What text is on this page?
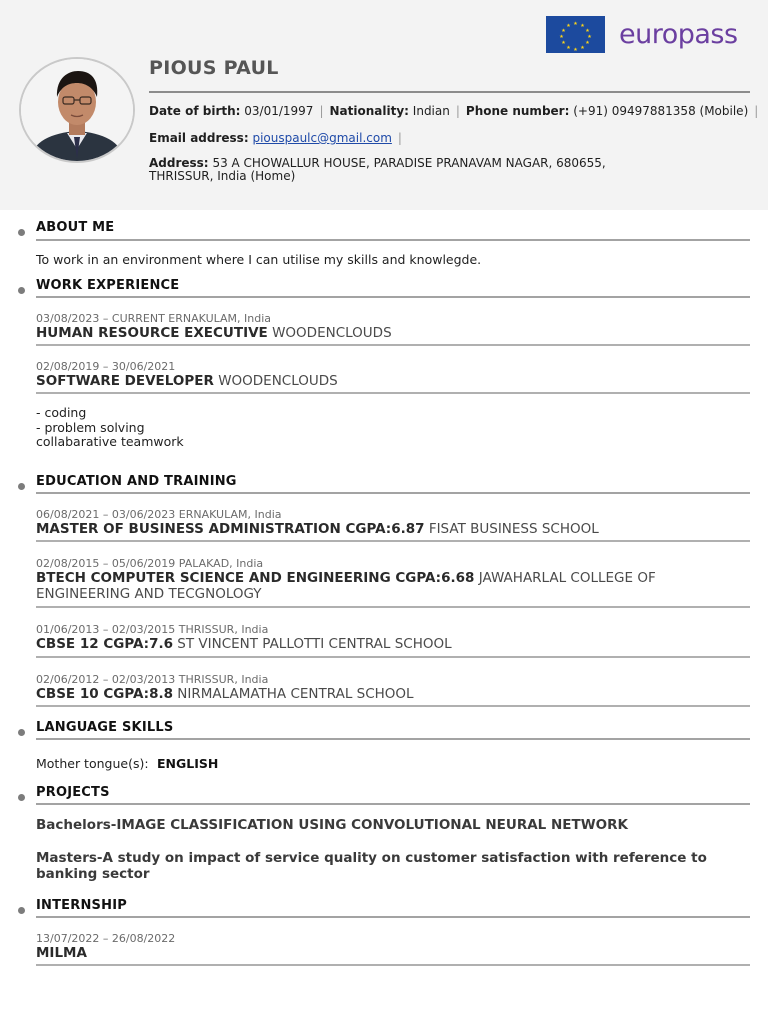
★ ★
★
★
★
★
★
★
★
★
★
★ europass
PIOUS PAUL
Date of birth: 03/01/1997 | Nationality: Indian | Phone number: (+91) 09497881358 (Mobile) |
Email address: piouspaulc@gmail.com |
Address: 53 A CHOWALLUR HOUSE, PARADISE PRANAVAM NAGAR, 680655,
THRISSUR, India (Home)
ABOUT ME
To work in an environment where I can utilise my skills and knowlegde.
WORK EXPERIENCE
03/08/2023 – CURRENT ERNAKULAM, India
HUMAN RESOURCE EXECUTIVE WOODENCLOUDS
02/08/2019 – 30/06/2021
SOFTWARE DEVELOPER WOODENCLOUDS
- coding
- problem solving
collabarative teamwork
EDUCATION AND TRAINING
06/08/2021 – 03/06/2023 ERNAKULAM, India
MASTER OF BUSINESS ADMINISTRATION CGPA:6.87 FISAT BUSINESS SCHOOL
02/08/2015 – 05/06/2019 PALAKAD, India
BTECH COMPUTER SCIENCE AND ENGINEERING CGPA:6.68 JAWAHARLAL COLLEGE OF ENGINEERING AND TECGNOLOGY
01/06/2013 – 02/03/2015 THRISSUR, India
CBSE 12 CGPA:7.6 ST VINCENT PALLOTTI CENTRAL SCHOOL
02/06/2012 – 02/03/2013 THRISSUR, India
CBSE 10 CGPA:8.8 NIRMALAMATHA CENTRAL SCHOOL
LANGUAGE SKILLS
Mother tongue(s): ENGLISH
PROJECTS
Bachelors-IMAGE CLASSIFICATION USING CONVOLUTIONAL NEURAL NETWORK
Masters-A study on impact of service quality on customer satisfaction with reference to banking sector
INTERNSHIP
13/07/2022 – 26/08/2022
MILMA
